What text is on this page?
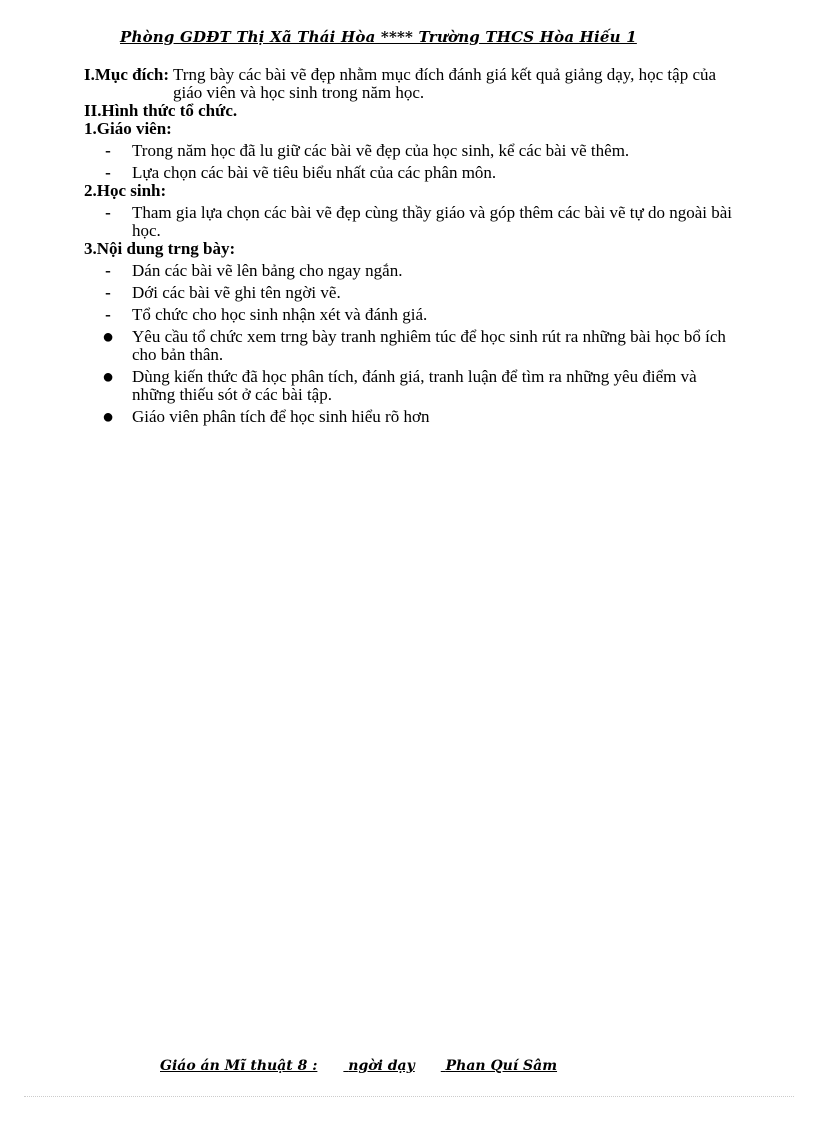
Phòng GDĐT Thị Xã Thái Hòa **** Trường THCS Hòa Hiếu 1
I.Mục đích: Trng bày các bài vẽ đẹp nhằm mục đích đánh giá kết quả giảng dạy, học tập của giáo viên và học sinh trong năm học.
II.Hình thức tổ chức.
1.Giáo viên:
-	Trong năm học đã lu giữ các bài vẽ đẹp của học sinh, kể các bài vẽ thêm.
-	Lựa chọn các bài vẽ tiêu biểu nhất của các phân môn.
2.Học sinh:
-	Tham gia lựa chọn các bài vẽ đẹp cùng thầy giáo và góp thêm các bài vẽ tự do ngoài bài học.
3.Nội dung trng bày:
-	Dán các bài vẽ lên bảng cho ngay ngắn.
-	Dới các bài vẽ ghi tên ngời vẽ.
-	Tổ chức cho học sinh nhận xét và đánh giá.
●	Yêu cầu tổ chức xem trng bày tranh nghiêm túc để học sinh rút ra những bài học bổ ích cho bản thân.
●	Dùng kiến thức đã học phân tích, đánh giá, tranh luận để tìm ra những yêu điểm và những thiếu sót ở các bài tập.
●	Giáo viên phân tích để học sinh hiểu rõ hơn
Giáo án Mĩ thuật 8 : ngời dạy Phan Quí Sâm
